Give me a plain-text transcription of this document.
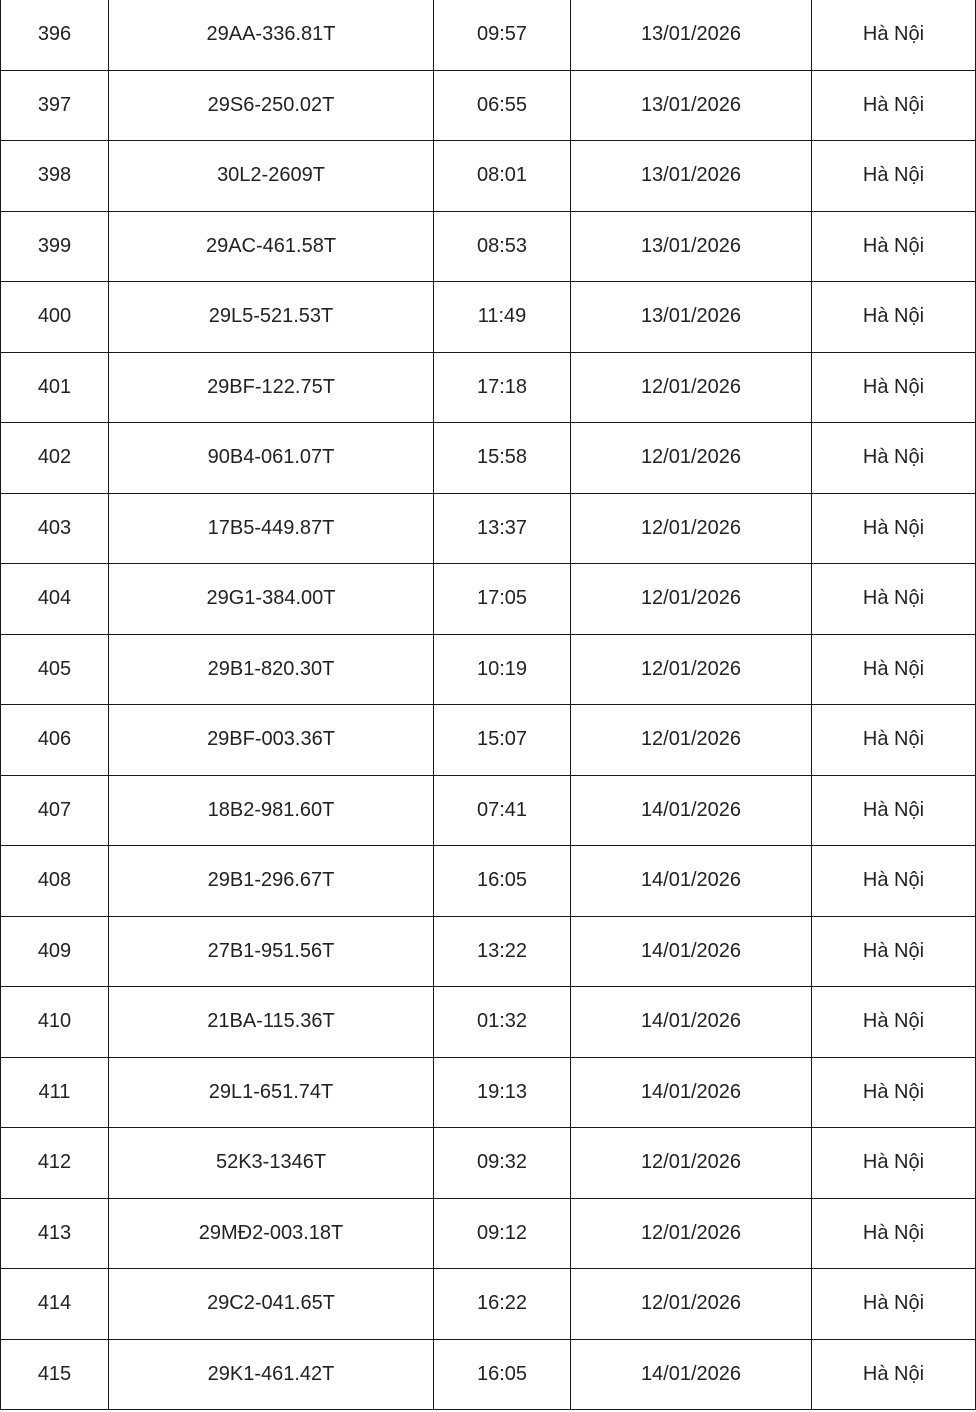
396	29AA-336.81T	09:57	13/01/2026	Hà Nội
397	29S6-250.02T	06:55	13/01/2026	Hà Nội
398	30L2-2609T	08:01	13/01/2026	Hà Nội
399	29AC-461.58T	08:53	13/01/2026	Hà Nội
400	29L5-521.53T	11:49	13/01/2026	Hà Nội
401	29BF-122.75T	17:18	12/01/2026	Hà Nội
402	90B4-061.07T	15:58	12/01/2026	Hà Nội
403	17B5-449.87T	13:37	12/01/2026	Hà Nội
404	29G1-384.00T	17:05	12/01/2026	Hà Nội
405	29B1-820.30T	10:19	12/01/2026	Hà Nội
406	29BF-003.36T	15:07	12/01/2026	Hà Nội
407	18B2-981.60T	07:41	14/01/2026	Hà Nội
408	29B1-296.67T	16:05	14/01/2026	Hà Nội
409	27B1-951.56T	13:22	14/01/2026	Hà Nội
410	21BA-115.36T	01:32	14/01/2026	Hà Nội
411	29L1-651.74T	19:13	14/01/2026	Hà Nội
412	52K3-1346T	09:32	12/01/2026	Hà Nội
413	29MĐ2-003.18T	09:12	12/01/2026	Hà Nội
414	29C2-041.65T	16:22	12/01/2026	Hà Nội
415	29K1-461.42T	16:05	14/01/2026	Hà Nội
